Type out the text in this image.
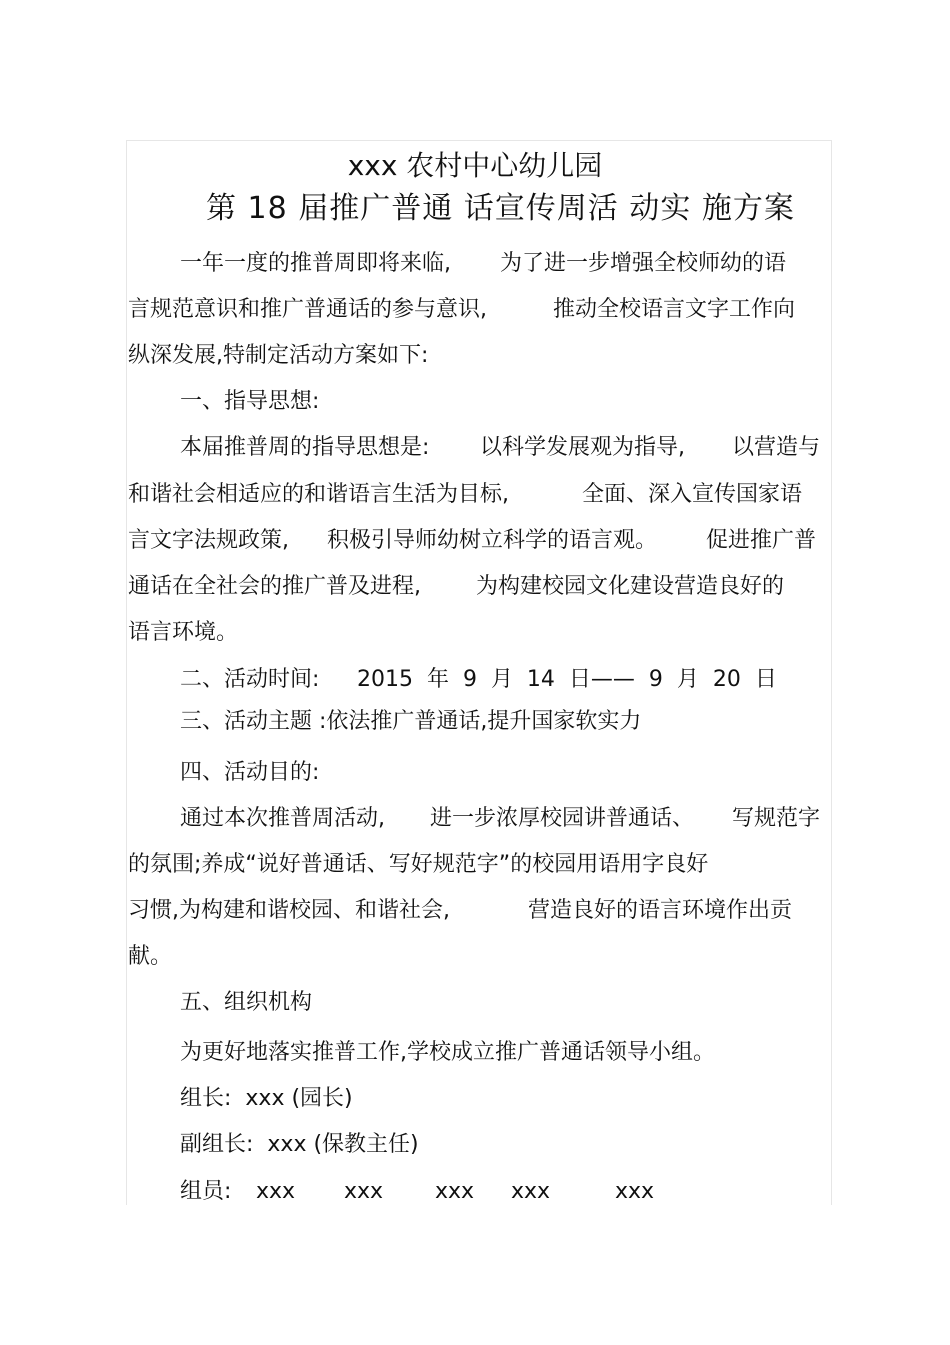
xxx 农村中心幼儿园
第 18 届推广普通 话宣传周活 动实 施方案
一年一度的推普周即将来临, 为了进一步增强全校师幼的语
言规范意识和推广普通话的参与意识,	推动全校语言文字工作向
纵深发展,特制定活动方案如下:
一、指导思想:
本届推普周的指导思想是: 以科学发展观为指导, 以营造与
和谐社会相适应的和谐语言生活为目标,	全面、深入宣传国家语
言文字法规政策, 积极引导师幼树立科学的语言观。 促进推广普
通话在全社会的推广普及进程,	为构建校园文化建设营造良好的
语言环境。
二、活动时间: 2015  年  9  月  14  日——  9  月  20  日
三、活动主题 :依法推广普通话,提升国家软实力
四、活动目的:
通过本次推普周活动, 进一步浓厚校园讲普通话、 写规范字
的氛围;养成“说好普通话、写好规范字”的校园用语用字良好
习惯,为构建和谐校园、和谐社会,	营造良好的语言环境作出贡
献。
五、组织机构
为更好地落实推普工作,学校成立推广普通话领导小组。
组长:  xxx (园长)
副组长:  xxx (保教主任)
组员: xxx xxx xxx xxx	xxx
